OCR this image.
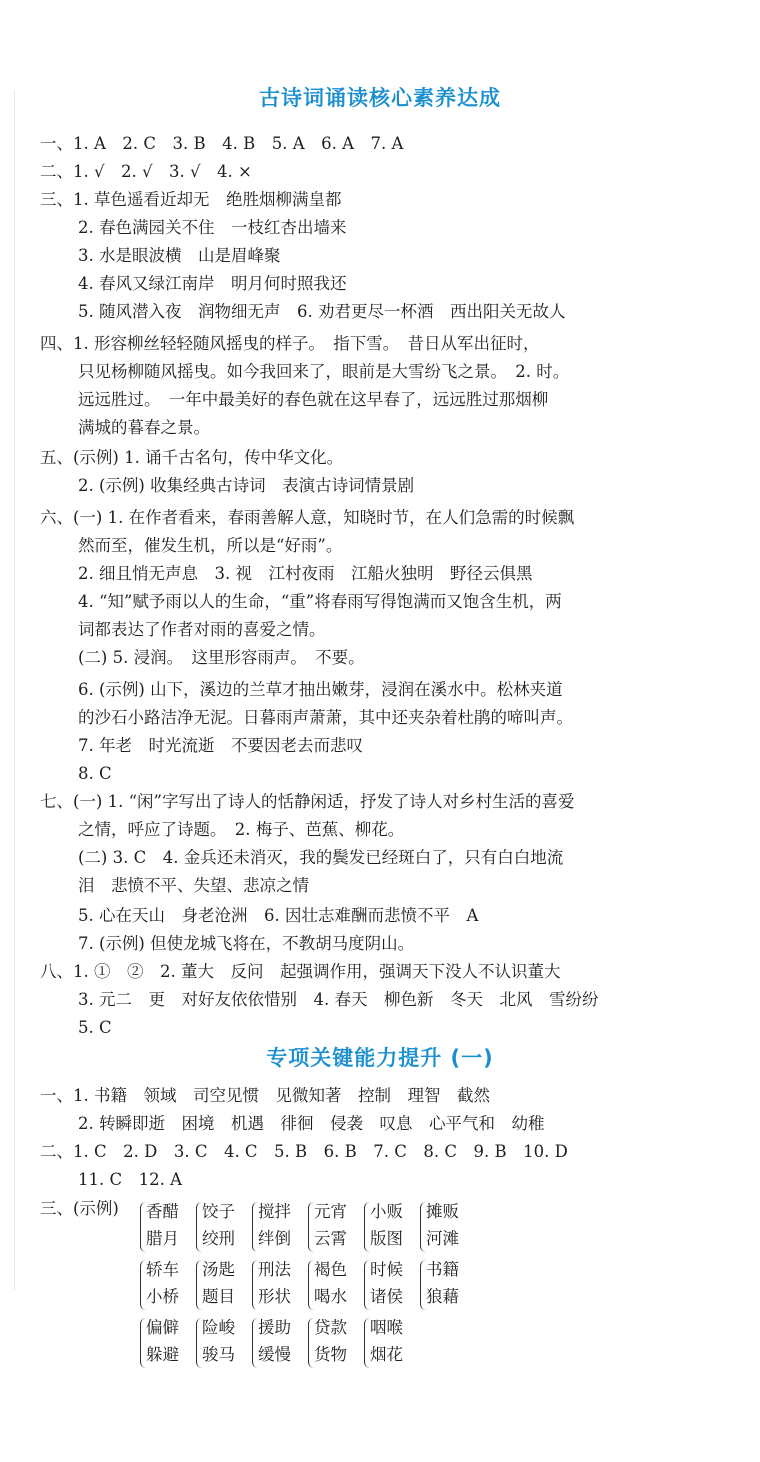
古诗词诵读核心素养达成
一、1. A　2. C　3. B　4. B　5. A　6. A　7. A
二、1. √　2. √　3. √　4. ×
三、1. 草色遥看近却无　绝胜烟柳满皇都
2. 春色满园关不住　一枝红杏出墙来
3. 水是眼波横　山是眉峰聚
4. 春风又绿江南岸　明月何时照我还
5. 随风潜入夜　润物细无声　6. 劝君更尽一杯酒　西出阳关无故人
四、1. 形容柳丝轻轻随风摇曳的样子。　指下雪。　昔日从军出征时，
只见杨柳随风摇曳。如今我回来了，眼前是大雪纷飞之景。　2. 时。
远远胜过。　一年中最美好的春色就在这早春了，远远胜过那烟柳
满城的暮春之景。
五、(示例) 1. 诵千古名句，传中华文化。
2. (示例) 收集经典古诗词　表演古诗词情景剧
六、(一) 1. 在作者看来，春雨善解人意，知晓时节，在人们急需的时候飘
然而至，催发生机，所以是“好雨”。
2. 细且悄无声息　3. 视　江村夜雨　江船火独明　野径云俱黑
4. “知”赋予雨以人的生命，“重”将春雨写得饱满而又饱含生机，两
词都表达了作者对雨的喜爱之情。
(二) 5. 浸润。　这里形容雨声。　不要。
6. (示例) 山下，溪边的兰草才抽出嫩芽，浸润在溪水中。松林夹道
的沙石小路洁净无泥。日暮雨声萧萧，其中还夹杂着杜鹃的啼叫声。
7. 年老　时光流逝　不要因老去而悲叹
8. C
七、(一) 1. “闲”字写出了诗人的恬静闲适，抒发了诗人对乡村生活的喜爱
之情，呼应了诗题。　2. 梅子、芭蕉、柳花。
(二) 3. C　4. 金兵还未消灭，我的鬓发已经斑白了，只有白白地流
泪　悲愤不平、失望、悲凉之情
5. 心在天山　身老沧洲　6. 因壮志难酬而悲愤不平　A
7. (示例) 但使龙城飞将在，不教胡马度阴山。
八、1. ①　②　2. 董大　反问　起强调作用，强调天下没人不认识董大
3. 元二　更　对好友依依惜别　4. 春天　柳色新　冬天　北风　雪纷纷
5. C
专项关键能力提升 (一)
一、1. 书籍　领域　司空见惯　见微知著　控制　理智　截然
2. 转瞬即逝　困境　机遇　徘徊　侵袭　叹息　心平气和　幼稚
二、1. C　2. D　3. C　4. C　5. B　6. B　7. C　8. C　9. B　10. D
11. C　12. A
三、(示例) 香醋
腊月
饺子
绞刑
搅拌
绊倒
元宵
云霄
小贩
版图
摊贩
河滩
轿车
小桥
汤匙
题目
刑法
形状
褐色
喝水
时候
诸侯
书籍
狼藉
偏僻
躲避
险峻
骏马
援助
缓慢
贷款
货物
咽喉
烟花
